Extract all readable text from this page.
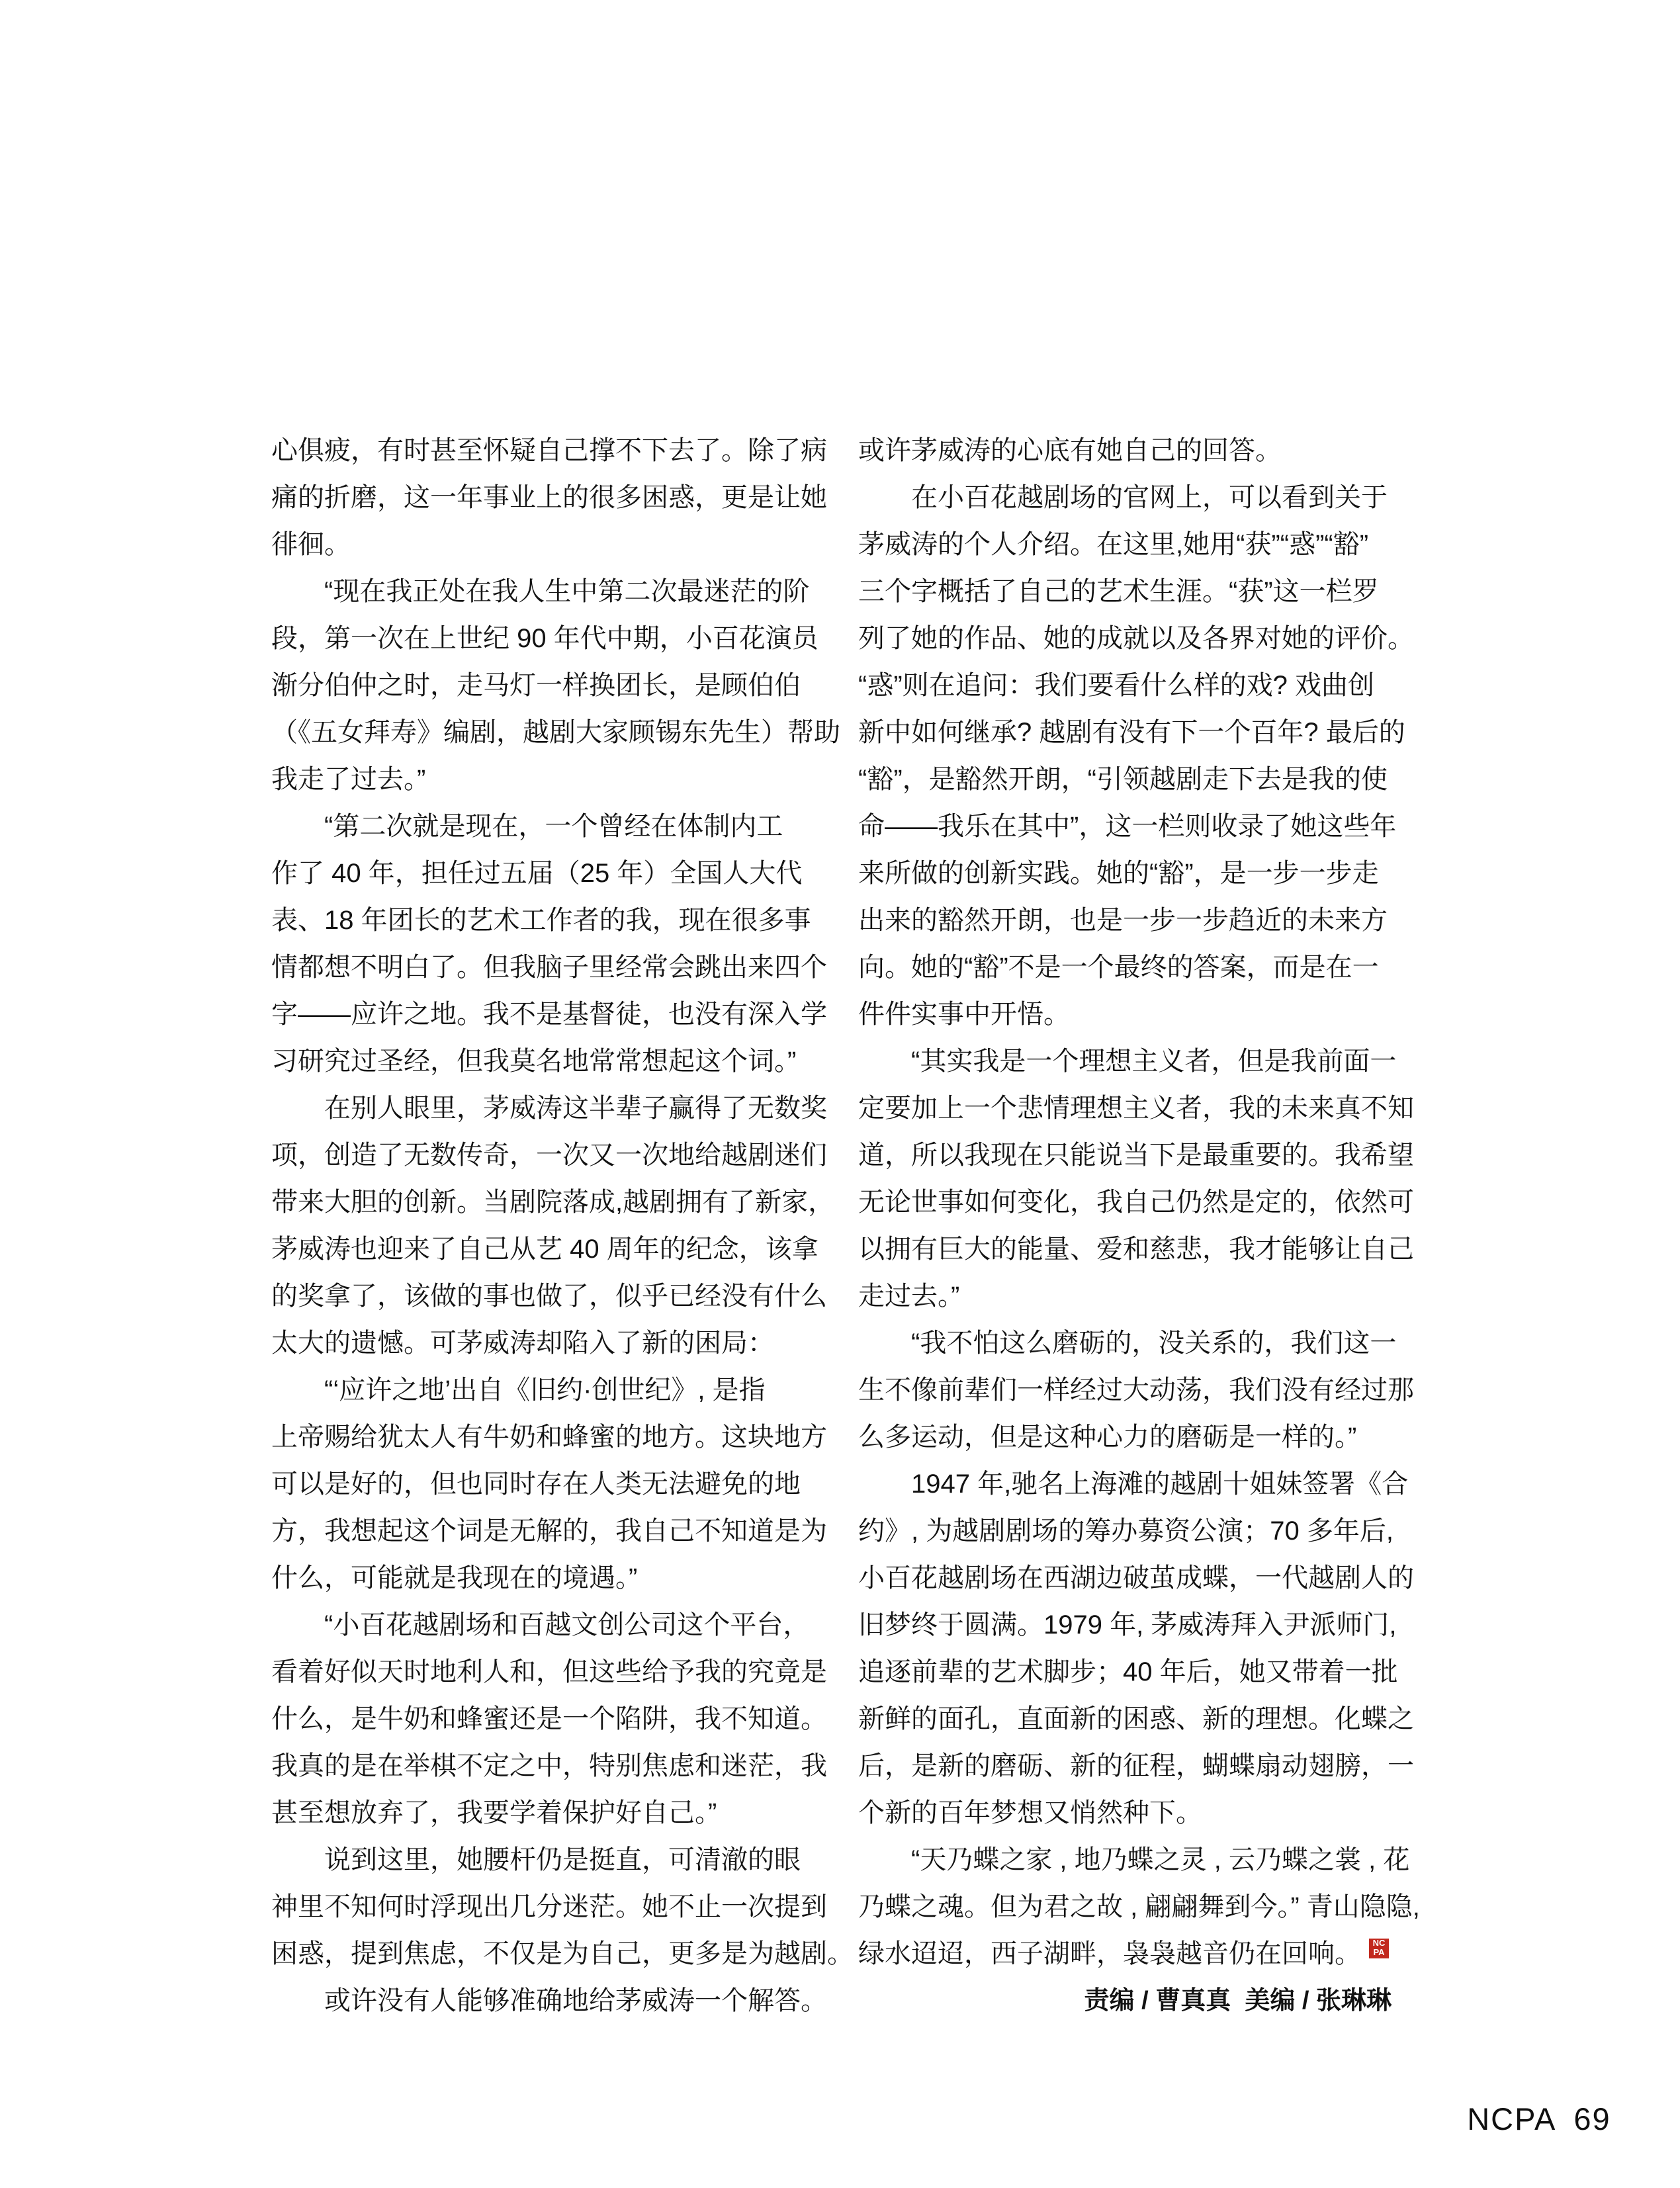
心俱疲，有时甚至怀疑自己撑不下去了。除了病
痛的折磨，这一年事业上的很多困惑，更是让她
徘徊。
　　“现在我正处在我人生中第二次最迷茫的阶
段，第一次在上世纪 90 年代中期，小百花演员
渐分伯仲之时，走马灯一样换团长，是顾伯伯
（《五女拜寿》编剧，越剧大家顾锡东先生）帮助
我走了过去。”
　　“第二次就是现在，一个曾经在体制内工
作了 40 年，担任过五届（25 年）全国人大代
表、18 年团长的艺术工作者的我，现在很多事
情都想不明白了。但我脑子里经常会跳出来四个
字——应许之地。我不是基督徒，也没有深入学
习研究过圣经，但我莫名地常常想起这个词。”
　　在别人眼里，茅威涛这半辈子赢得了无数奖
项，创造了无数传奇，一次又一次地给越剧迷们
带来大胆的创新。当剧院落成,越剧拥有了新家，
茅威涛也迎来了自己从艺 40 周年的纪念，该拿
的奖拿了，该做的事也做了，似乎已经没有什么
太大的遗憾。可茅威涛却陷入了新的困局：
　　“‘应许之地’出自《旧约·创世纪》, 是指
上帝赐给犹太人有牛奶和蜂蜜的地方。这块地方
可以是好的，但也同时存在人类无法避免的地
方，我想起这个词是无解的，我自己不知道是为
什么，可能就是我现在的境遇。”
　　“小百花越剧场和百越文创公司这个平台，
看着好似天时地利人和，但这些给予我的究竟是
什么，是牛奶和蜂蜜还是一个陷阱，我不知道。
我真的是在举棋不定之中，特别焦虑和迷茫，我
甚至想放弃了，我要学着保护好自己。”
　　说到这里，她腰杆仍是挺直，可清澈的眼
神里不知何时浮现出几分迷茫。她不止一次提到
困惑，提到焦虑，不仅是为自己，更多是为越剧。
　　或许没有人能够准确地给茅威涛一个解答。
或许茅威涛的心底有她自己的回答。
　　在小百花越剧场的官网上，可以看到关于
茅威涛的个人介绍。在这里,她用“获”“惑”“豁”
三个字概括了自己的艺术生涯。“获”这一栏罗
列了她的作品、她的成就以及各界对她的评价。
“惑”则在追问：我们要看什么样的戏? 戏曲创
新中如何继承? 越剧有没有下一个百年? 最后的
“豁”，是豁然开朗，“引领越剧走下去是我的使
命——我乐在其中”，这一栏则收录了她这些年
来所做的创新实践。她的“豁”，是一步一步走
出来的豁然开朗，也是一步一步趋近的未来方
向。她的“豁”不是一个最终的答案，而是在一
件件实事中开悟。
　　“其实我是一个理想主义者，但是我前面一
定要加上一个悲情理想主义者，我的未来真不知
道，所以我现在只能说当下是最重要的。我希望
无论世事如何变化，我自己仍然是定的，依然可
以拥有巨大的能量、爱和慈悲，我才能够让自己
走过去。”
　　“我不怕这么磨砺的，没关系的，我们这一
生不像前辈们一样经过大动荡，我们没有经过那
么多运动，但是这种心力的磨砺是一样的。”
　　1947 年,驰名上海滩的越剧十姐妹签署《合
约》, 为越剧剧场的筹办募资公演；70 多年后,
小百花越剧场在西湖边破茧成蝶，一代越剧人的
旧梦终于圆满。1979 年, 茅威涛拜入尹派师门,
追逐前辈的艺术脚步；40 年后，她又带着一批
新鲜的面孔，直面新的困惑、新的理想。化蝶之
后，是新的磨砺、新的征程，蝴蝶扇动翅膀，一
个新的百年梦想又悄然种下。
　　“天乃蝶之家 , 地乃蝶之灵 , 云乃蝶之裳 , 花
乃蝶之魂。但为君之故 , 翩翩舞到今。” 青山隐隐,
绿水迢迢，西子湖畔，袅袅越音仍在回响。	NC
PA
责编 / 曹真真  美编 / 张琳琳

NCPA 69
